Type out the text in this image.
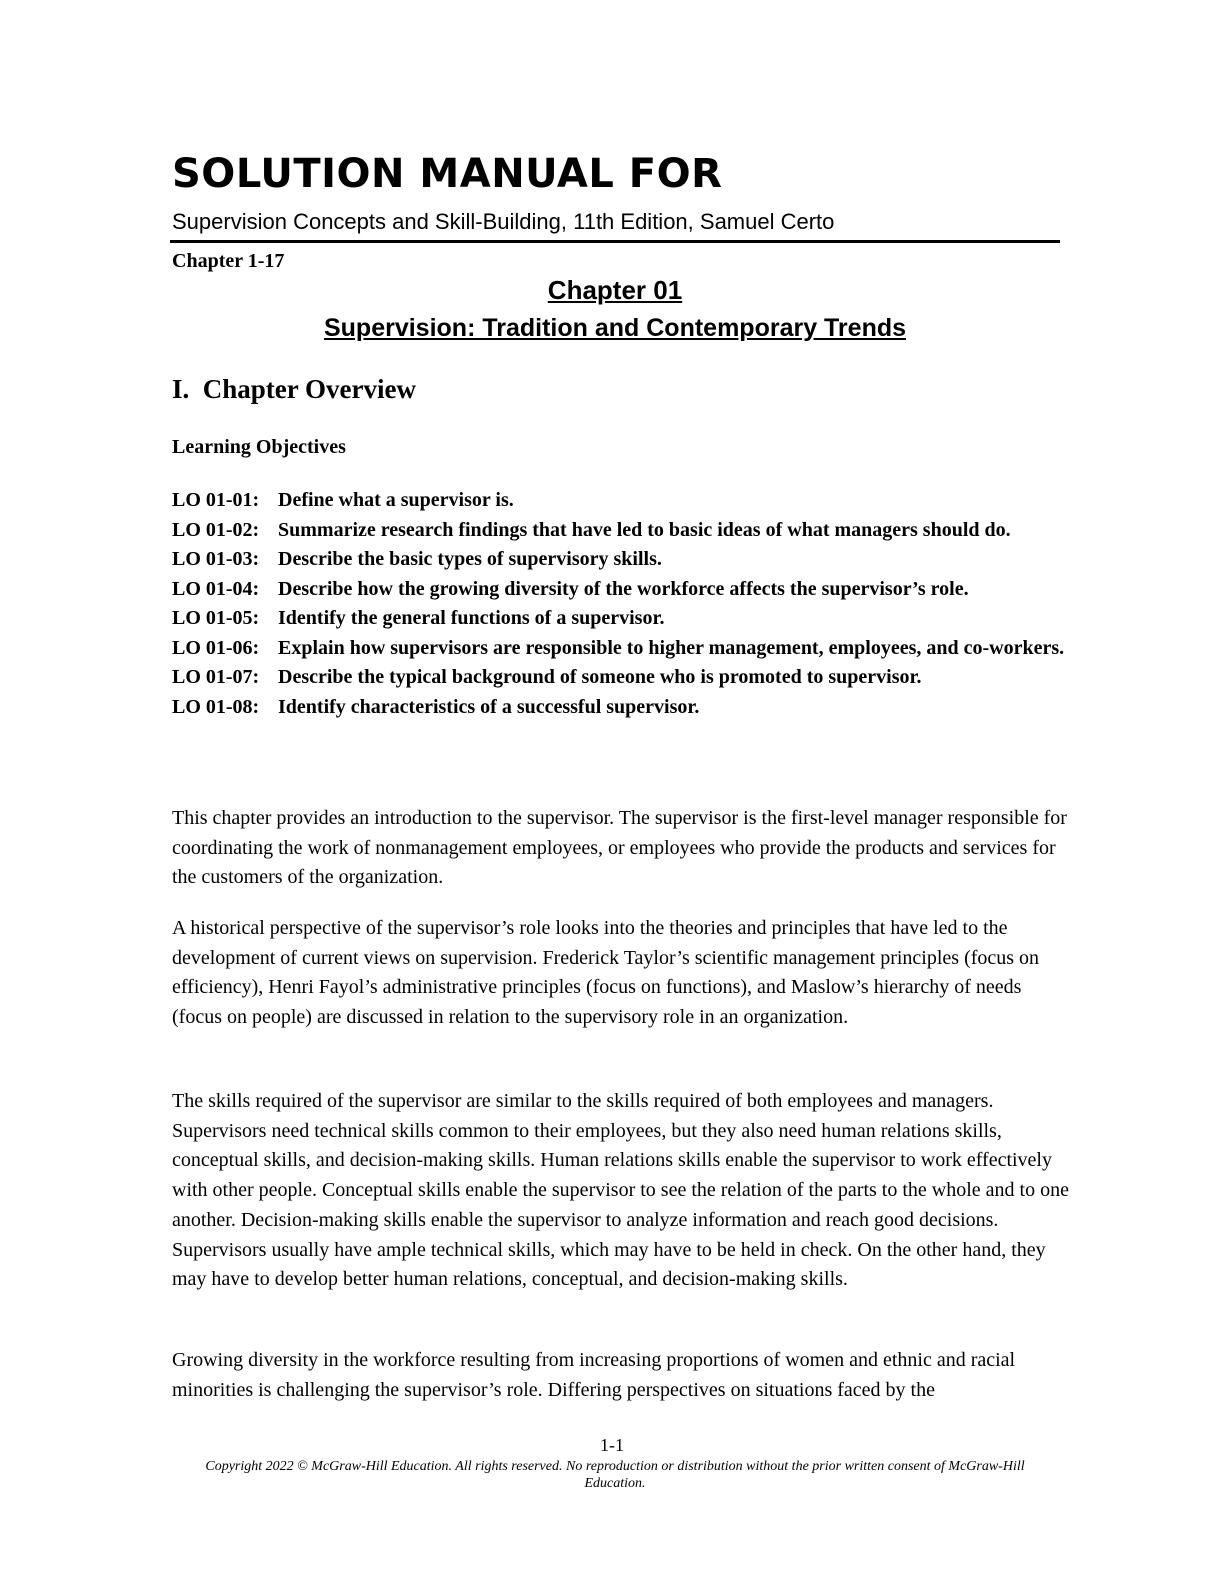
SOLUTION MANUAL FOR
Supervision Concepts and Skill-Building, 11th Edition, Samuel Certo
Chapter 1-17
Chapter 01
Supervision: Tradition and Contemporary Trends
I.  Chapter Overview
Learning Objectives
LO 01-01: Define what a supervisor is.
LO 01-02: Summarize research findings that have led to basic ideas of what managers should do.
LO 01-03: Describe the basic types of supervisory skills.
LO 01-04: Describe how the growing diversity of the workforce affects the supervisor’s role.
LO 01-05: Identify the general functions of a supervisor.
LO 01-06: Explain how supervisors are responsible to higher management, employees, and co-workers.
LO 01-07: Describe the typical background of someone who is promoted to supervisor.
LO 01-08: Identify characteristics of a successful supervisor.

This chapter provides an introduction to the supervisor. The supervisor is the first-level manager responsible for coordinating the work of nonmanagement employees, or employees who provide the products and services for the customers of the organization.

A historical perspective of the supervisor’s role looks into the theories and principles that have led to the development of current views on supervision. Frederick Taylor’s scientific management principles (focus on efficiency), Henri Fayol’s administrative principles (focus on functions), and Maslow’s hierarchy of needs (focus on people) are discussed in relation to the supervisory role in an organization.

The skills required of the supervisor are similar to the skills required of both employees and managers. Supervisors need technical skills common to their employees, but they also need human relations skills, conceptual skills, and decision-making skills. Human relations skills enable the supervisor to work effectively with other people. Conceptual skills enable the supervisor to see the relation of the parts to the whole and to one another. Decision-making skills enable the supervisor to analyze information and reach good decisions. Supervisors usually have ample technical skills, which may have to be held in check. On the other hand, they may have to develop better human relations, conceptual, and decision-making skills.

Growing diversity in the workforce resulting from increasing proportions of women and ethnic and racial minorities is challenging the supervisor’s role. Differing perspectives on situations faced by the

1-1
Copyright 2022 © McGraw-Hill Education. All rights reserved. No reproduction or distribution without the prior written consent of McGraw-Hill Education.
